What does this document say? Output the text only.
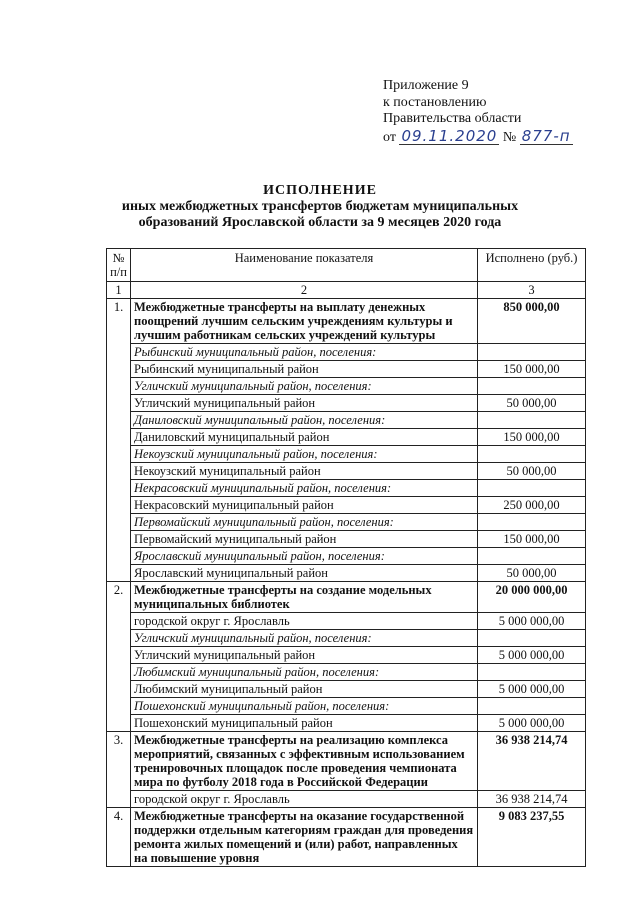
Приложение 9
к постановлению
Правительства области
от 09.11.2020 № 877-п
ИСПОЛНЕНИЕ
иных межбюджетных трансфертов бюджетам муниципальных
образований Ярославской области за 9 месяцев 2020 года
№ п/п	Наименование показателя	Исполнено (руб.)
1	2	3
1.	Межбюджетные трансферты на выплату денежных поощрений лучшим сельским учреждениям культуры и лучшим работникам сельских учреждений культуры	850 000,00
	Рыбинский муниципальный район, поселения:	
	Рыбинский муниципальный район	150 000,00
	Угличский муниципальный район, поселения:	
	Угличский муниципальный район	50 000,00
	Даниловский муниципальный район, поселения:	
	Даниловский муниципальный район	150 000,00
	Некоузский муниципальный район, поселения:	
	Некоузский муниципальный район	50 000,00
	Некрасовский муниципальный район, поселения:	
	Некрасовский муниципальный район	250 000,00
	Первомайский муниципальный район, поселения:	
	Первомайский муниципальный район	150 000,00
	Ярославский муниципальный район, поселения:	
	Ярославский муниципальный район	50 000,00
2.	Межбюджетные трансферты на создание модельных муниципальных библиотек	20 000 000,00
	городской округ г. Ярославль	5 000 000,00
	Угличский муниципальный район, поселения:	
	Угличский муниципальный район	5 000 000,00
	Любимский муниципальный район, поселения:	
	Любимский муниципальный район	5 000 000,00
	Пошехонский муниципальный район, поселения:	
	Пошехонский муниципальный район	5 000 000,00
3.	Межбюджетные трансферты на реализацию комплекса мероприятий, связанных с эффективным использованием тренировочных площадок после проведения чемпионата мира по футболу 2018 года в Российской Федерации	36 938 214,74
	городской округ г. Ярославль	36 938 214,74
4.	Межбюджетные трансферты на оказание государственной поддержки отдельным категориям граждан для проведения ремонта жилых помещений и (или) работ, направленных на повышение уровня	9 083 237,55
